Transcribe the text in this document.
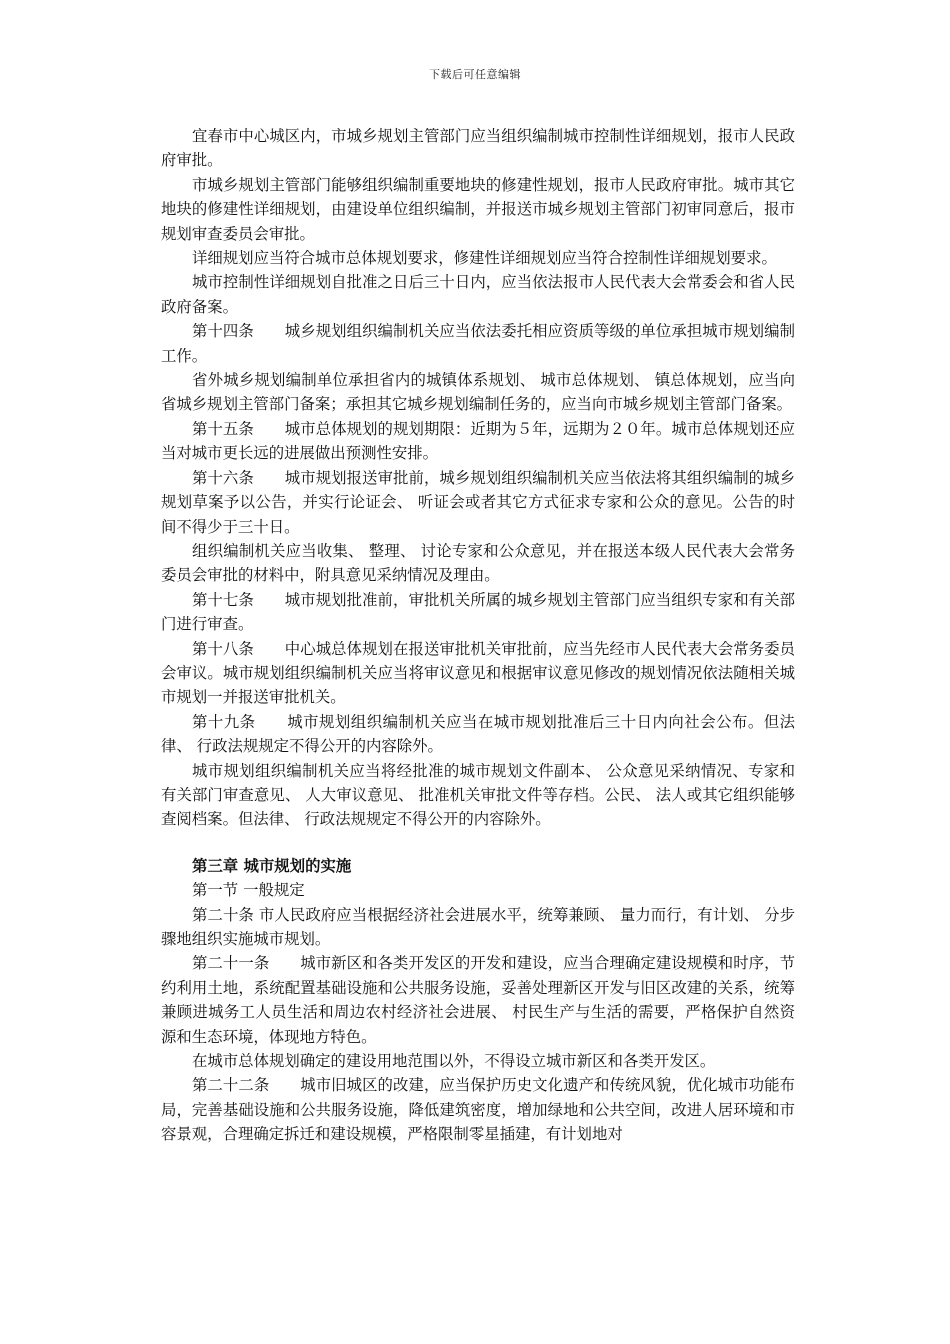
下载后可任意编辑

宜春市中心城区内，市城乡规划主管部门应当组织编制城市控制性详细规划，报市人民政府审批。

市城乡规划主管部门能够组织编制重要地块的修建性规划，报市人民政府审批。城市其它地块的修建性详细规划，由建设单位组织编制，并报送市城乡规划主管部门初审同意后，报市规划审查委员会审批。

详细规划应当符合城市总体规划要求，修建性详细规划应当符合控制性详细规划要求。

城市控制性详细规划自批准之日后三十日内，应当依法报市人民代表大会常委会和省人民政府备案。

第十四条　　城乡规划组织编制机关应当依法委托相应资质等级的单位承担城市规划编制工作。

省外城乡规划编制单位承担省内的城镇体系规划、 城市总体规划、 镇总体规划，应当向省城乡规划主管部门备案；承担其它城乡规划编制任务的，应当向市城乡规划主管部门备案。

第十五条　　城市总体规划的规划期限：近期为５年，远期为２０年。城市总体规划还应当对城市更长远的进展做出预测性安排。

第十六条　　城市规划报送审批前，城乡规划组织编制机关应当依法将其组织编制的城乡规划草案予以公告，并实行论证会、 听证会或者其它方式征求专家和公众的意见。公告的时间不得少于三十日。

组织编制机关应当收集、 整理、 讨论专家和公众意见，并在报送本级人民代表大会常务委员会审批的材料中，附具意见采纳情况及理由。

第十七条　　城市规划批准前，审批机关所属的城乡规划主管部门应当组织专家和有关部门进行审查。

第十八条　　中心城总体规划在报送审批机关审批前，应当先经市人民代表大会常务委员会审议。城市规划组织编制机关应当将审议意见和根据审议意见修改的规划情况依法随相关城市规划一并报送审批机关。

第十九条　　城市规划组织编制机关应当在城市规划批准后三十日内向社会公布。但法律、 行政法规规定不得公开的内容除外。

城市规划组织编制机关应当将经批准的城市规划文件副本、 公众意见采纳情况、专家和有关部门审查意见、 人大审议意见、 批准机关审批文件等存档。公民、 法人或其它组织能够查阅档案。但法律、 行政法规规定不得公开的内容除外。

第三章 城市规划的实施

第一节 一般规定

第二十条 市人民政府应当根据经济社会进展水平，统筹兼顾、 量力而行，有计划、 分步骤地组织实施城市规划。

第二十一条　　城市新区和各类开发区的开发和建设，应当合理确定建设规模和时序，节约利用土地，系统配置基础设施和公共服务设施，妥善处理新区开发与旧区改建的关系，统筹兼顾进城务工人员生活和周边农村经济社会进展、 村民生产与生活的需要，严格保护自然资源和生态环境，体现地方特色。

在城市总体规划确定的建设用地范围以外，不得设立城市新区和各类开发区。

第二十二条　　城市旧城区的改建，应当保护历史文化遗产和传统风貌，优化城市功能布局，完善基础设施和公共服务设施，降低建筑密度，增加绿地和公共空间，改进人居环境和市容景观，合理确定拆迁和建设规模，严格限制零星插建，有计划地对
